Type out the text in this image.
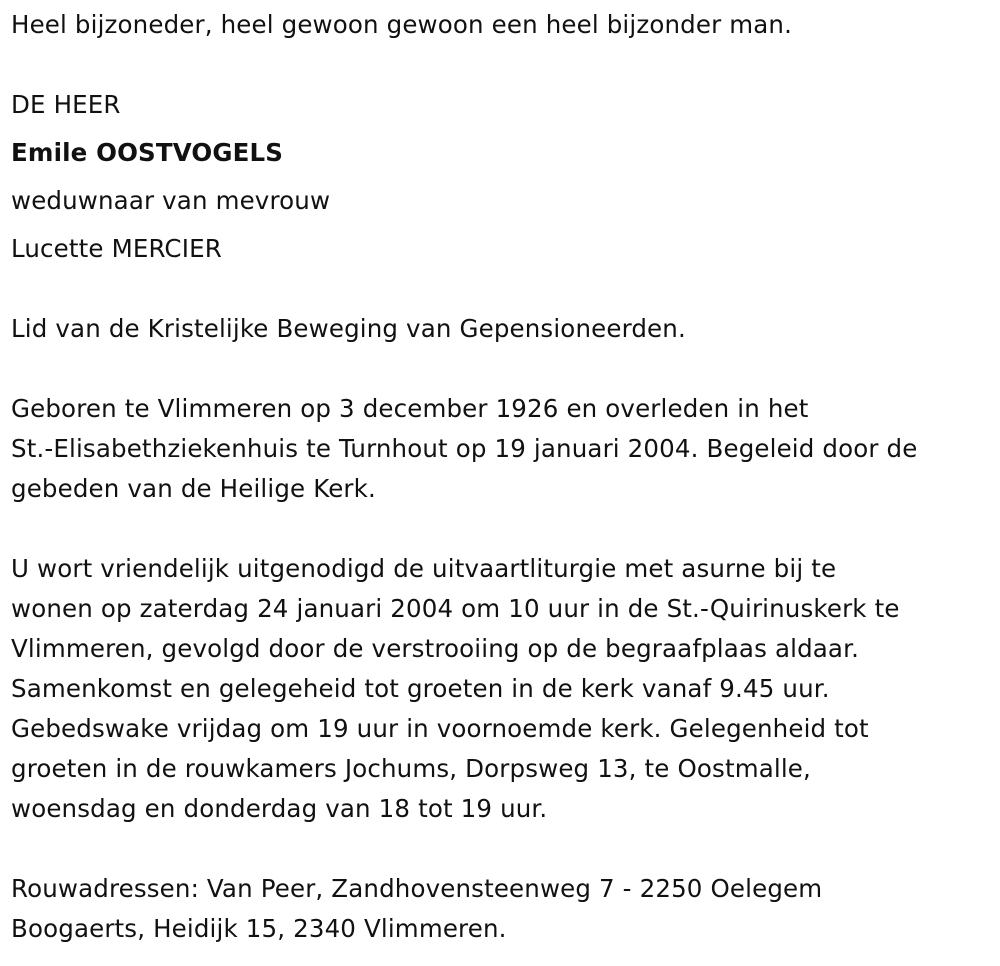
Heel bijzoneder, heel gewoon gewoon een heel bijzonder man.
DE HEER
Emile OOSTVOGELS
weduwnaar van mevrouw
Lucette MERCIER
Lid van de Kristelijke Beweging van Gepensioneerden.
Geboren te Vlimmeren op 3 december 1926 en overleden in het
St.-Elisabethziekenhuis te Turnhout op 19 januari 2004. Begeleid door de
gebeden van de Heilige Kerk.
U wort vriendelijk uitgenodigd de uitvaartliturgie met asurne bij te
wonen op zaterdag 24 januari 2004 om 10 uur in de St.-Quirinuskerk te
Vlimmeren, gevolgd door de verstrooiing op de begraafplaas aldaar.
Samenkomst en gelegeheid tot groeten in de kerk vanaf 9.45 uur.
Gebedswake vrijdag om 19 uur in voornoemde kerk. Gelegenheid tot
groeten in de rouwkamers Jochums, Dorpsweg 13, te Oostmalle,
woensdag en donderdag van 18 tot 19 uur.
Rouwadressen: Van Peer, Zandhovensteenweg 7 - 2250 Oelegem
Boogaerts, Heidijk 15, 2340 Vlimmeren.
